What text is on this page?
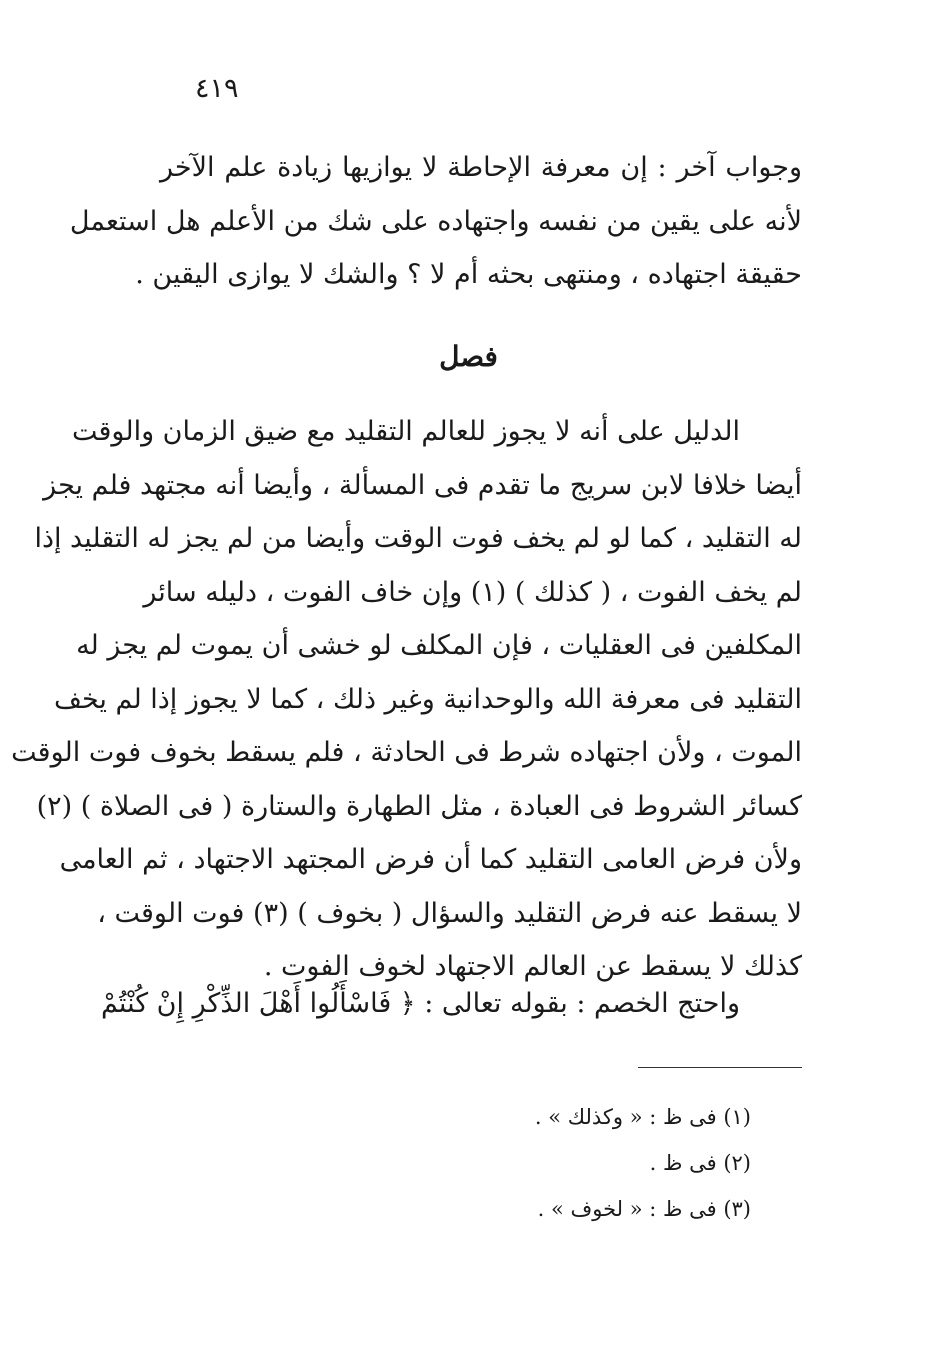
٤١٩
وجواب آخر : إن معرفة الإحاطة لا يوازيها زيادة علم الآخر
لأنه على يقين من نفسه واجتهاده على شك من الأعلم هل استعمل
حقيقة اجتهاده ، ومنتهى بحثه أم لا ؟ والشك لا يوازى اليقين .
فصل
الدليل على أنه لا يجوز للعالم التقليد مع ضيق الزمان والوقت
أيضا خلافا لابن سريج ما تقدم فى المسألة ، وأيضا أنه مجتهد فلم يجز
له التقليد ، كما لو لم يخف فوت الوقت وأيضا من لم يجز له التقليد إذا
لم يخف الفوت ، ( كذلك ) (١) وإن خاف الفوت ، دليله سائر
المكلفين فى العقليات ، فإن المكلف لو خشى أن يموت لم يجز له
التقليد فى معرفة الله والوحدانية وغير ذلك ، كما لا يجوز إذا لم يخف
الموت ، ولأن اجتهاده شرط فى الحادثة ، فلم يسقط بخوف فوت الوقت
كسائر الشروط فى العبادة ، مثل الطهارة والستارة ( فى الصلاة ) (٢)
ولأن فرض العامى التقليد كما أن فرض المجتهد الاجتهاد ، ثم العامى
لا يسقط عنه فرض التقليد والسؤال ( بخوف ) (٣) فوت الوقت ،
كذلك لا يسقط عن العالم الاجتهاد لخوف الفوت .
واحتج الخصم : بقوله تعالى : ﴿ فَاسْأَلُوا أَهْلَ الذِّكْرِ إِنْ كُنْتُمْ
(١) فى ظ : « وكذلك » .
(٢) فى ظ .
(٣) فى ظ : « لخوف » .
